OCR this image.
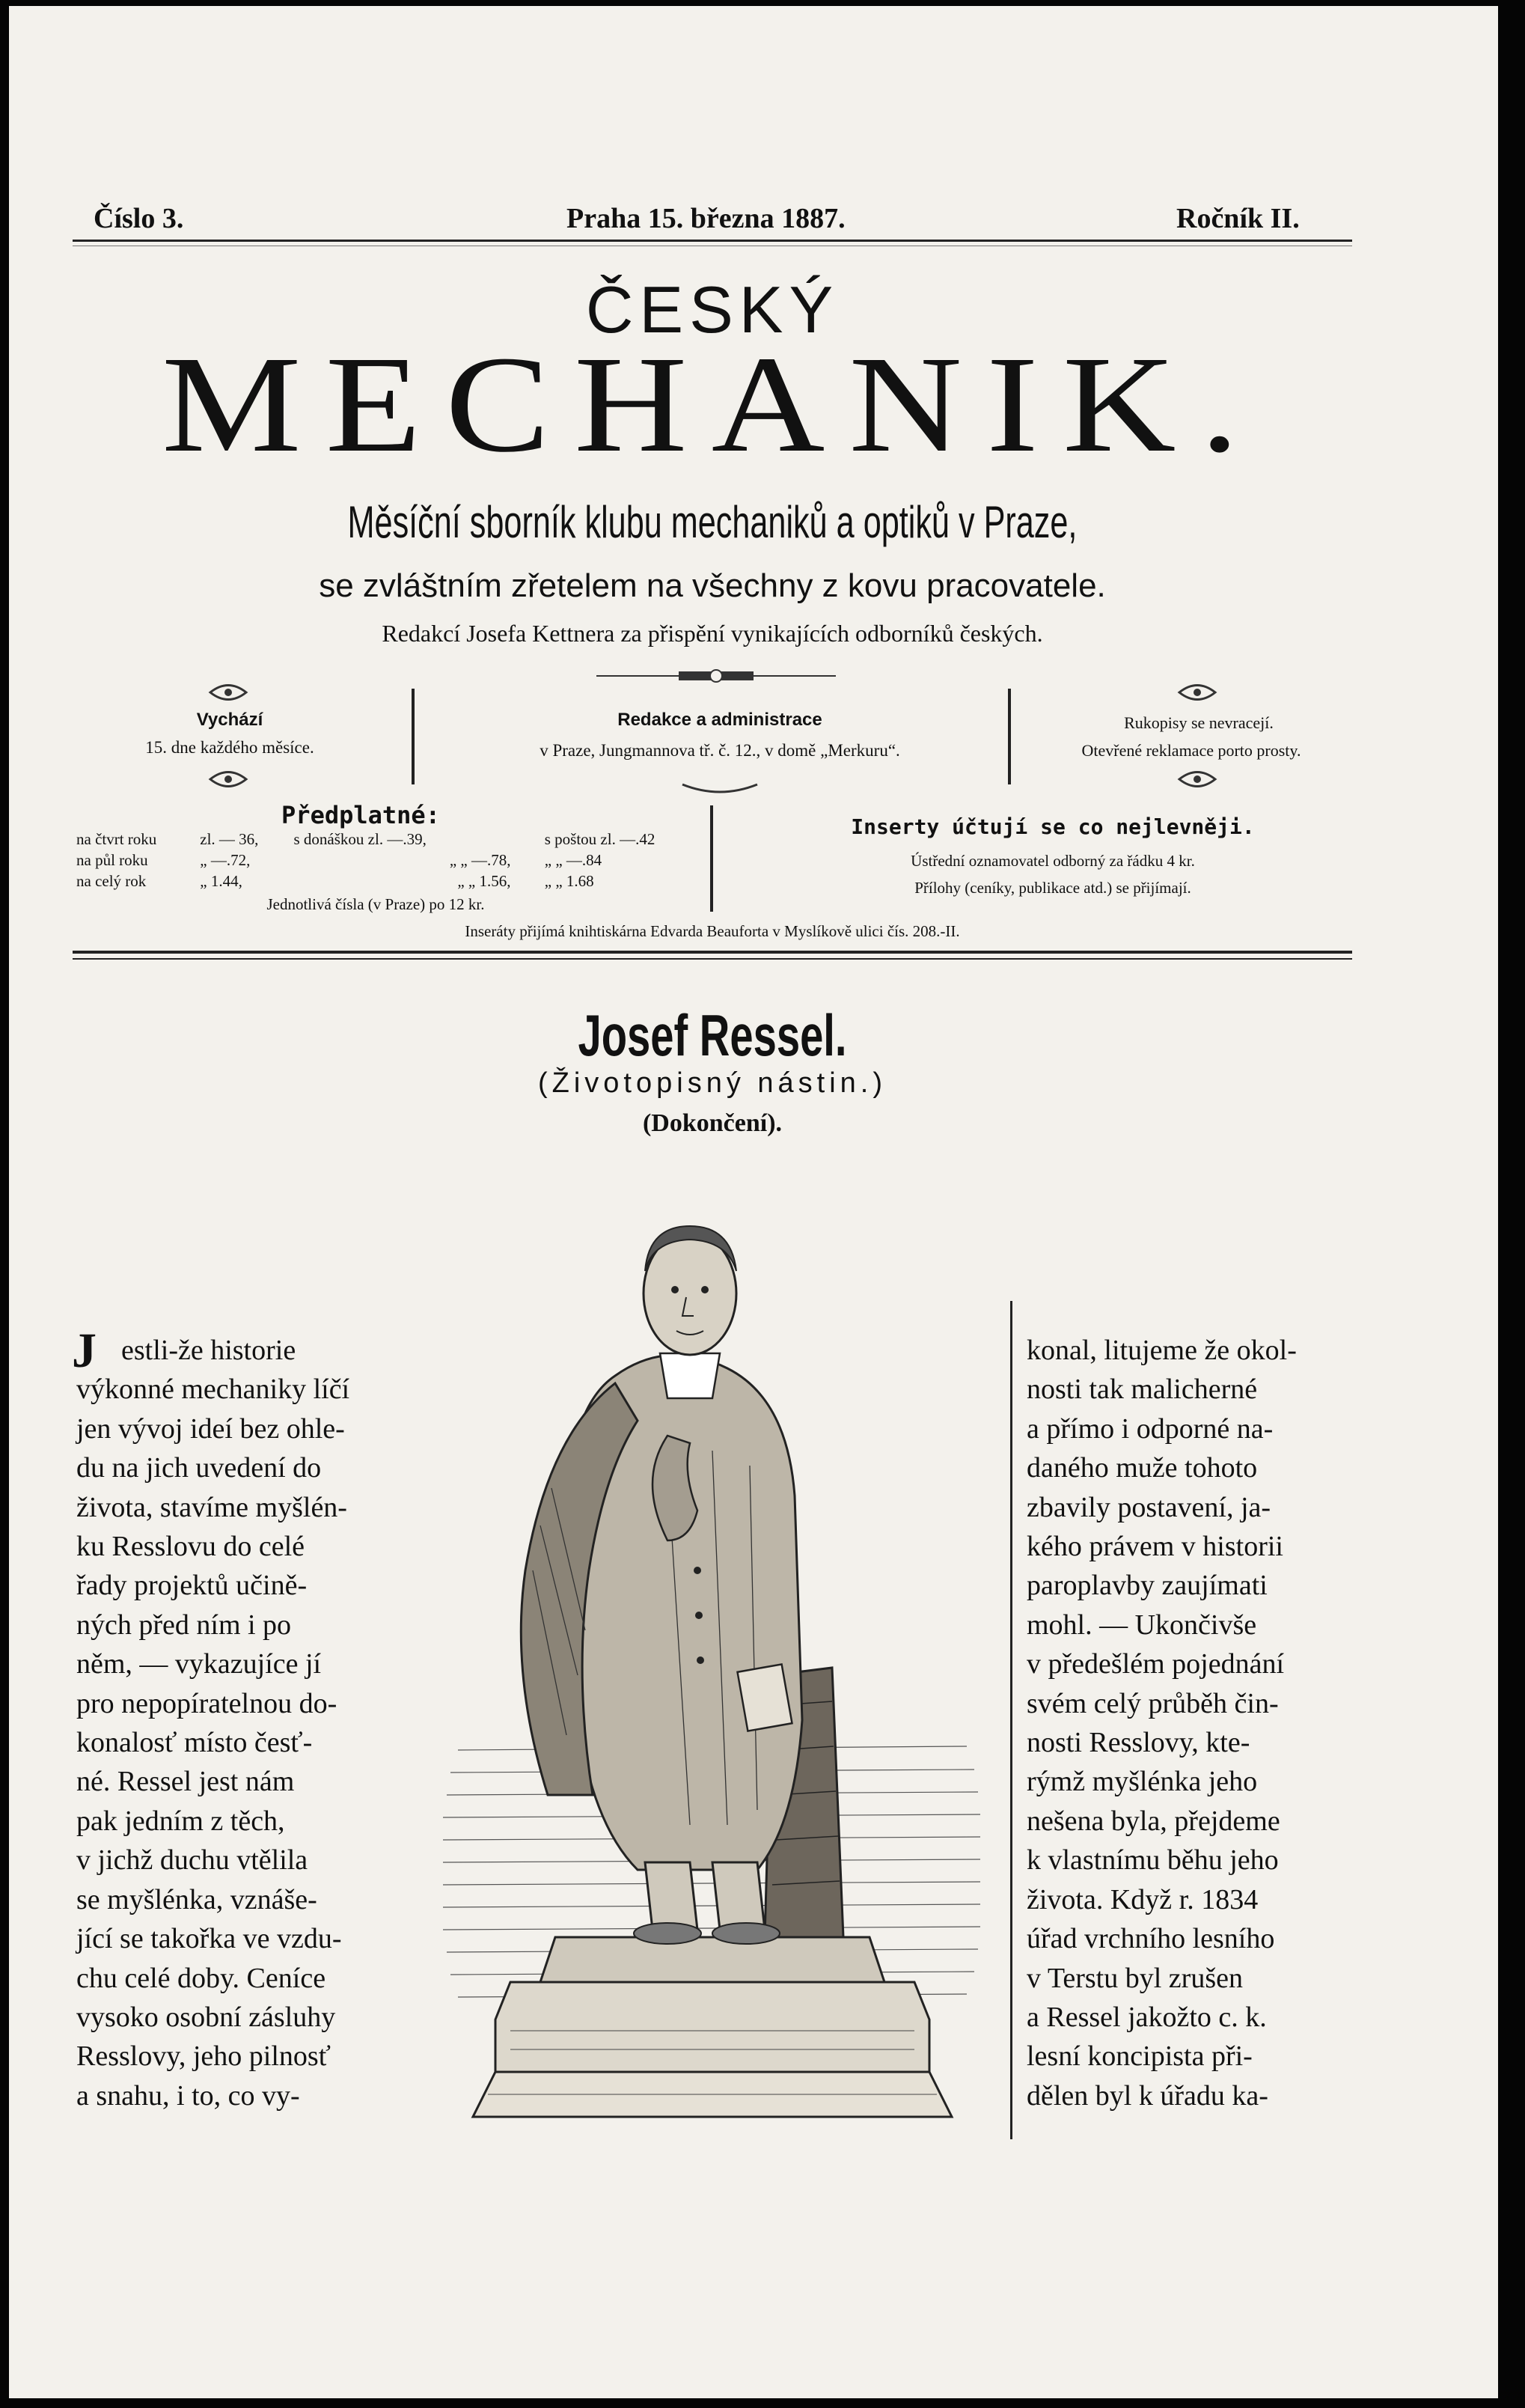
Číslo 3.	Praha 15. března 1887.	Ročník II.
ČESKÝ
MECHANIK.
Měsíční sborník klubu mechaniků a optiků v Praze,
se zvláštním zřetelem na všechny z kovu pracovatele.
Redakcí Josefa Kettnera za přispění vynikajících odborníků českých.
Vychází
15. dne každého měsíce.
Redakce a administrace
v Praze, Jungmannova tř. č. 12., v domě „Merkuru“.
Rukopisy se nevracejí.
Otevřené reklamace porto prosty.
Předplatné:
na čtvrt roku	zl. — 36, s donáškou zl. —.39,	s poštou zl. —.42
na půl roku	„ —.72,	„ „ —.78, „ „ —.84
na celý rok	„ 1.44,	„ „ 1.56, „ „ 1.68
Jednotlivá čísla (v Praze) po 12 kr.
Inserty účtují se co nejlevněji.
Ústřední oznamovatel odborný za řádku 4 kr.
Přílohy (ceníky, publikace atd.) se přijímají.
Inseráty přijímá knihtiskárna Edvarda Beauforta v Myslíkově ulici čís. 208.-II.
Josef Ressel.
(Životopisný nástin.)
(Dokončení).
J estli-že historie

výkonné mechaniky líčí

jen vývoj ideí bez ohle-

du na jich uvedení do

života, stavíme myšlén-

ku Resslovu do celé

řady projektů učině-

ných před ním i po

něm, — vykazujíce jí

pro nepopíratelnou do-

konalosť místo česť-

né. Ressel jest nám

pak jedním z těch,

v jichž duchu vtělila

se myšlénka, vznáše-

jící se takořka ve vzdu-

chu celé doby. Ceníce

vysoko osobní zásluhy

Resslovy, jeho pilnosť

a snahu, i to, co vy-

konal, litujeme že okol-

nosti tak malicherné

a přímo i odporné na-

daného muže tohoto

zbavily postavení, ja-

kého právem v historii

paroplavby zaujímati

mohl. — Ukončivše

v předešlém pojednání

svém celý průběh čin-

nosti Resslovy, kte-

rýmž myšlénka jeho

nešena byla, přejdeme

k vlastnímu běhu jeho

života. Když r. 1834

úřad vrchního lesního

v Terstu byl zrušen

a Ressel jakožto c. k.

lesní koncipista při-

dělen byl k úřadu ka-
